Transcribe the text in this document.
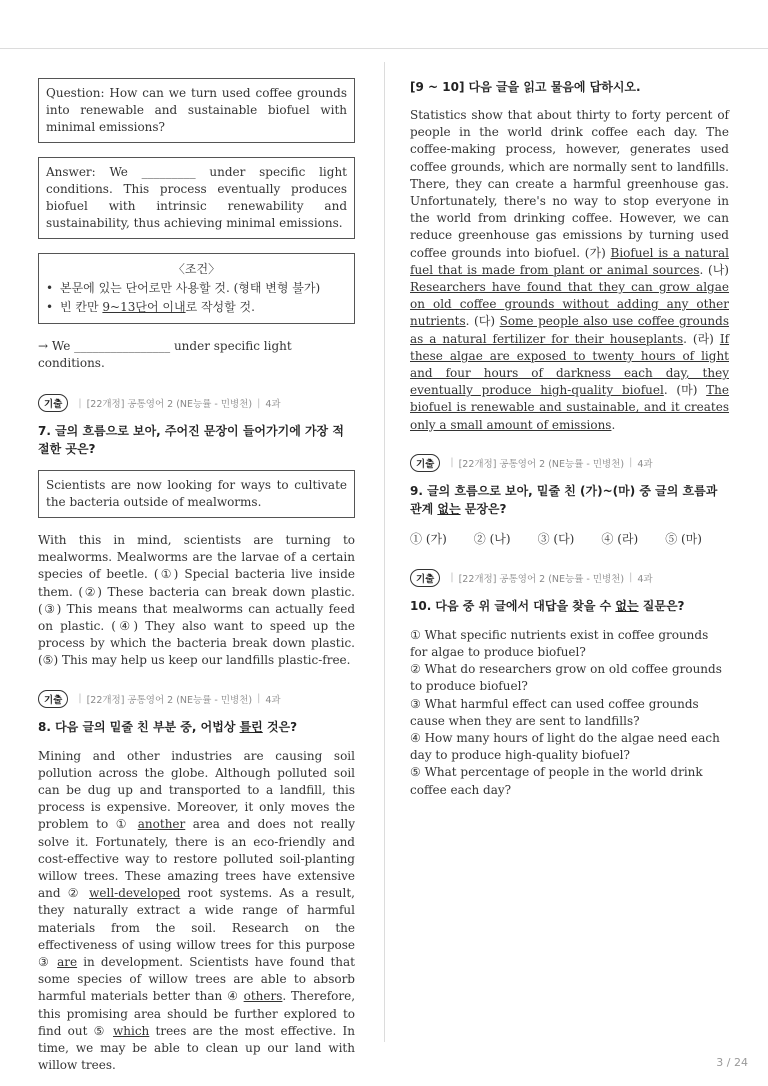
Question: How can we turn used coffee grounds into renewable and sustainable biofuel with minimal emissions?
Answer: We _________ under specific light conditions. This process eventually produces biofuel with intrinsic renewability and sustainability, thus achieving minimal emissions.
〈조건〉
• 본문에 있는 단어로만 사용할 것. (형태 변형 불가)
• 빈 칸만 9~13단어 이내로 작성할 것.
→ We ________________ under specific light conditions.
기출	| [22개정] 공통영어 2 (NE능률 - 민병천) | 4과
7. 글의 흐름으로 보아, 주어진 문장이 들어가기에 가장 적절한 곳은?
Scientists are now looking for ways to cultivate the bacteria outside of mealworms.
With this in mind, scientists are turning to mealworms. Mealworms are the larvae of a certain species of beetle. (①) Special bacteria live inside them. (②) These bacteria can break down plastic. (③) This means that mealworms can actually feed on plastic. (④) They also want to speed up the process by which the bacteria break down plastic. (⑤) This may help us keep our landfills plastic-free.
기출	| [22개정] 공통영어 2 (NE능률 - 민병천) | 4과
8. 다음 글의 밑줄 친 부분 중, 어법상 틀린 것은?
Mining and other industries are causing soil pollution across the globe. Although polluted soil can be dug up and transported to a landfill, this process is expensive. Moreover, it only moves the problem to ① another area and does not really solve it. Fortunately, there is an eco-friendly and cost-effective way to restore polluted soil-planting willow trees. These amazing trees have extensive and ② well-developed root systems. As a result, they naturally extract a wide range of harmful materials from the soil. Research on the effectiveness of using willow trees for this purpose ③ are in development. Scientists have found that some species of willow trees are able to absorb harmful materials better than ④ others. Therefore, this promising area should be further explored to find out ⑤ which trees are the most effective. In time, we may be able to clean up our land with willow trees.
[9 ~ 10] 다음 글을 읽고 물음에 답하시오.
Statistics show that about thirty to forty percent of people in the world drink coffee each day. The coffee-making process, however, generates used coffee grounds, which are normally sent to landfills. There, they can create a harmful greenhouse gas. Unfortunately, there's no way to stop everyone in the world from drinking coffee. However, we can reduce greenhouse gas emissions by turning used coffee grounds into biofuel. (가) Biofuel is a natural fuel that is made from plant or animal sources. (나) Researchers have found that they can grow algae on old coffee grounds without adding any other nutrients. (다) Some people also use coffee grounds as a natural fertilizer for their houseplants. (라) If these algae are exposed to twenty hours of light and four hours of darkness each day, they eventually produce high-quality biofuel. (마) The biofuel is renewable and sustainable, and it creates only a small amount of emissions.
기출	| [22개정] 공통영어 2 (NE능률 - 민병천) | 4과
9. 글의 흐름으로 보아, 밑줄 친 (가)~(마) 중 글의 흐름과 관계 없는 문장은?
① (가)	② (나)	③ (다)	④ (라)	⑤ (마)
기출	| [22개정] 공통영어 2 (NE능률 - 민병천) | 4과
10. 다음 중 위 글에서 대답을 찾을 수 없는 질문은?
① What specific nutrients exist in coffee grounds for algae to produce biofuel?
② What do researchers grow on old coffee grounds to produce biofuel?
③ What harmful effect can used coffee grounds cause when they are sent to landfills?
④ How many hours of light do the algae need each day to produce high-quality biofuel?
⑤ What percentage of people in the world drink coffee each day?
3 / 24
